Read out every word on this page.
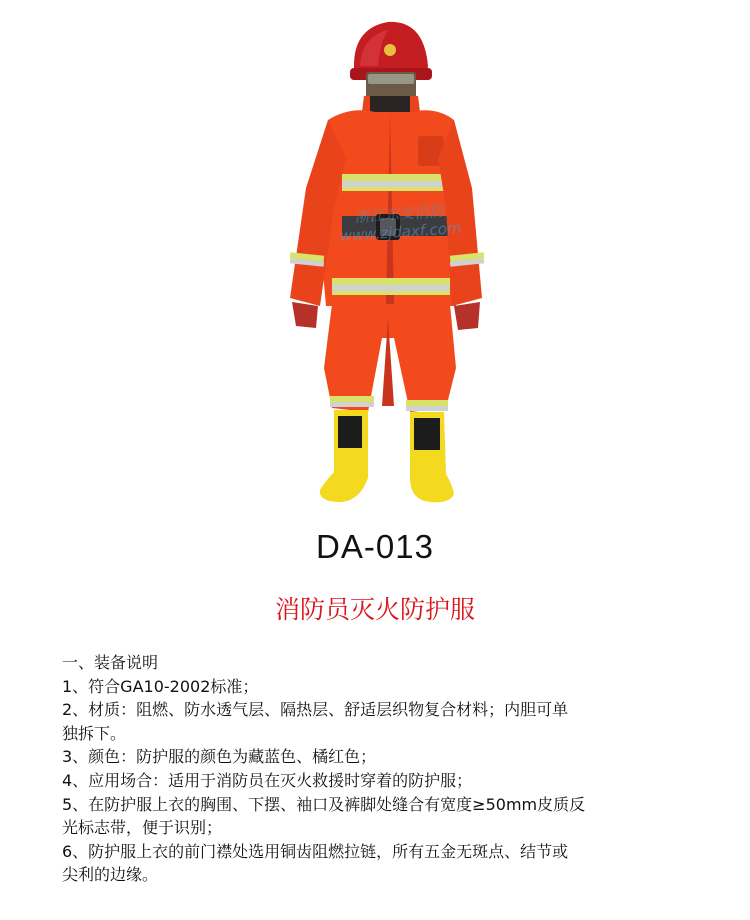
浙江东安消防 www.zjdaxf.com
DA-013
消防员灭火防护服
一、装备说明
1、符合GA10-2002标准；
2、材质：阻燃、防水透气层、隔热层、舒适层织物复合材料；内胆可单
独拆下。
3、颜色：防护服的颜色为藏蓝色、橘红色；
4、应用场合：适用于消防员在灭火救援时穿着的防护服；
5、在防护服上衣的胸围、下摆、袖口及裤脚处缝合有宽度≥50mm皮质反
光标志带，便于识别；
6、防护服上衣的前门襟处选用铜齿阻燃拉链，所有五金无斑点、结节或
尖利的边缘。
